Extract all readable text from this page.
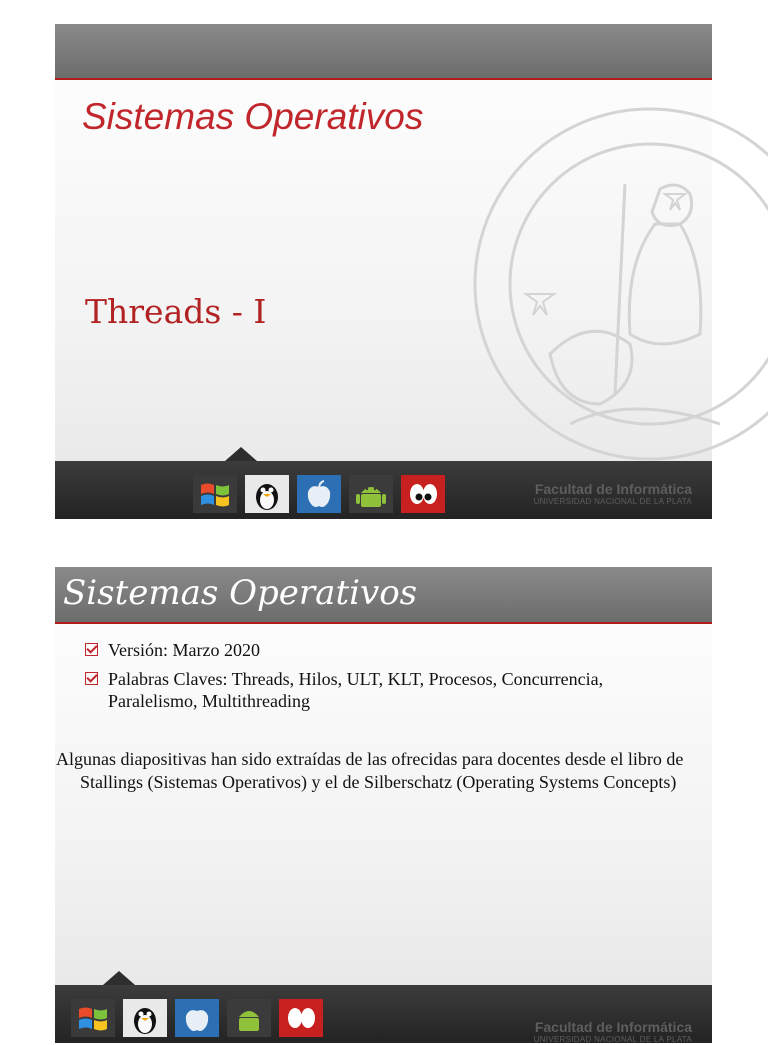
Sistemas Operativos
Threads - I
Facultad de Informática
UNIVERSIDAD NACIONAL DE LA PLATA
Sistemas Operativos
Versión: Marzo 2020
Palabras Claves: Threads, Hilos, ULT, KLT, Procesos, Concurrencia, Paralelismo, Multithreading
Algunas diapositivas han sido extraídas de las ofrecidas para docentes desde el libro de Stallings (Sistemas Operativos) y el de Silberschatz (Operating Systems Concepts)
Facultad de Informática
UNIVERSIDAD NACIONAL DE LA PLATA
